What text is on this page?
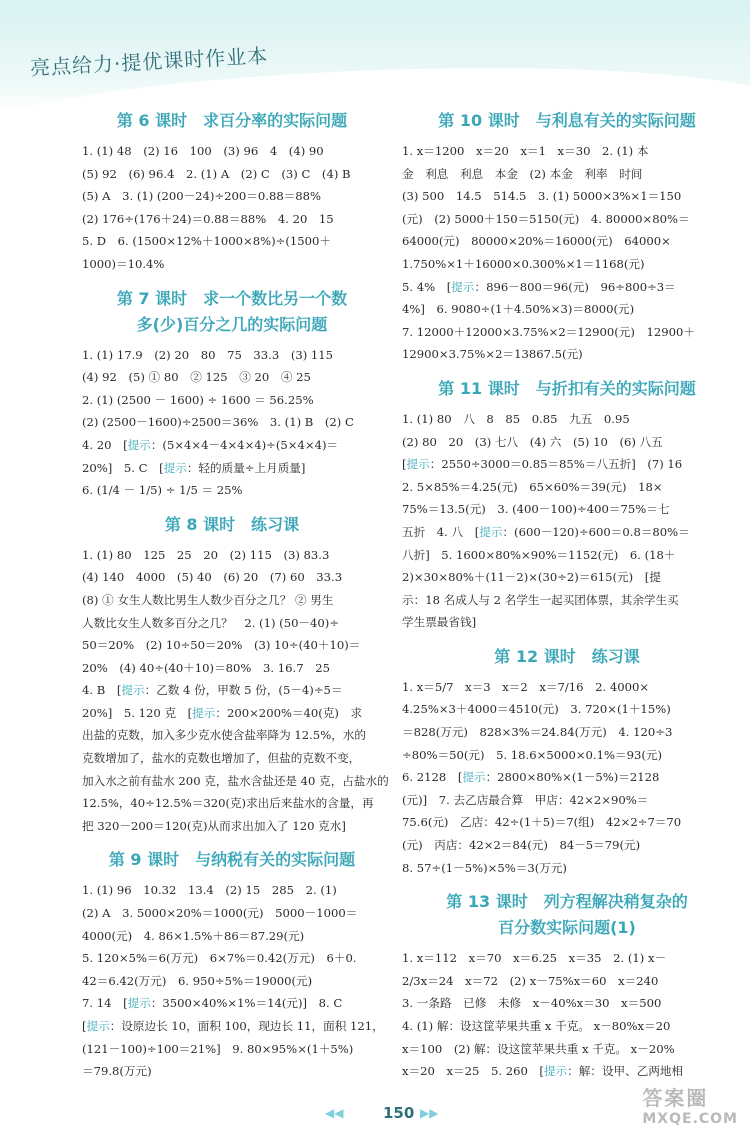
亮点给力·提优课时作业本
第 6 课时　求百分率的实际问题

1. (1) 48　(2) 16　100　(3) 96　4　(4) 90

(5) 92　(6) 96.4　2. (1) A　(2) C　(3) C　(4) B

(5) A　3. (1) (200－24)÷200＝0.88＝88%

(2) 176÷(176＋24)＝0.88＝88%　4. 20　15

5. D　6. (1500×12%＋1000×8%)÷(1500＋

1000)＝10.4%

第 7 课时　求一个数比另一个数
多(少)百分之几的实际问题

1. (1) 17.9　(2) 20　80　75　33.3　(3) 115

(4) 92　(5) ① 80　② 125　③ 20　④ 25

2. (1) (2500 － 1600) ÷ 1600 ＝ 56.25%

(2) (2500－1600)÷2500＝36%　3. (1) B　(2) C

4. 20　[提示：(5×4×4－4×4×4)÷(5×4×4)＝

20%]　5. C　[提示：轻的质量÷上月质量]

6. (1/4 － 1/5) ÷ 1/5 ＝ 25%

第 8 课时　练习课

1. (1) 80　125　25　20　(2) 115　(3) 83.3

(4) 140　4000　(5) 40　(6) 20　(7) 60　33.3

(8) ① 女生人数比男生人数少百分之几？ ② 男生

人数比女生人数多百分之几？　2. (1) (50－40)÷

50＝20%　(2) 10÷50＝20%　(3) 10÷(40＋10)＝

20%　(4) 40÷(40＋10)＝80%　3. 16.7　25

4. B　[提示：乙数 4 份，甲数 5 份，(5－4)÷5＝

20%]　5. 120 克　[提示：200×200%＝40(克)　求

出盐的克数，加入多少克水使含盐率降为 12.5%，水的

克数增加了，盐水的克数也增加了，但盐的克数不变，

加入水之前有盐水 200 克，盐水含盐还是 40 克，占盐水的

12.5%，40÷12.5%＝320(克)求出后来盐水的含量，再

把 320－200＝120(克)从而求出加入了 120 克水]

第 9 课时　与纳税有关的实际问题

1. (1) 96　10.32　13.4　(2) 15　285　2. (1)

(2) A　3. 5000×20%＝1000(元)　5000－1000＝

4000(元)　4. 86×1.5%＋86＝87.29(元)

5. 120×5%＝6(万元)　6×7%＝0.42(万元)　6＋0.

42＝6.42(万元)　6. 950÷5%＝19000(元)

7. 14　[提示：3500×40%×1%＝14(元)]　8. C

[提示：设原边长 10，面积 100，现边长 11，面积 121，

(121－100)÷100＝21%]　9. 80×95%×(1＋5%)

＝79.8(万元)

第 10 课时　与利息有关的实际问题

1. x＝1200　x＝20　x＝1　x＝30　2. (1) 本

金　利息　利息　本金　(2) 本金　利率　时间

(3) 500　14.5　514.5　3. (1) 5000×3%×1＝150

(元)　(2) 5000＋150＝5150(元)　4. 80000×80%＝

64000(元)　80000×20%＝16000(元)　64000×

1.750%×1＋16000×0.300%×1＝1168(元)

5. 4%　[提示：896－800＝96(元)　96÷800÷3＝

4%]　6. 9080÷(1＋4.50%×3)＝8000(元)

7. 12000＋12000×3.75%×2＝12900(元)　12900＋

12900×3.75%×2＝13867.5(元)

第 11 课时　与折扣有关的实际问题

1. (1) 80　八　8　85　0.85　九五　0.95

(2) 80　20　(3) 七八　(4) 六　(5) 10　(6) 八五

[提示：2550÷3000＝0.85＝85%＝八五折]　(7) 16

2. 5×85%＝4.25(元)　65×60%＝39(元)　18×

75%＝13.5(元)　3. (400－100)÷400＝75%＝七

五折　4. 八　[提示：(600－120)÷600＝0.8＝80%＝

八折]　5. 1600×80%×90%＝1152(元)　6. (18＋

2)×30×80%＋(11－2)×(30÷2)＝615(元)　[提

示：18 名成人与 2 名学生一起买团体票，其余学生买

学生票最省钱]

第 12 课时　练习课

1. x＝5/7　x＝3　x＝2　x＝7/16　2. 4000×

4.25%×3＋4000＝4510(元)　3. 720×(1＋15%)

＝828(万元)　828×3%＝24.84(万元)　4. 120÷3

÷80%＝50(元)　5. 18.6×5000×0.1%＝93(元)

6. 2128　[提示：2800×80%×(1－5%)＝2128

(元)]　7. 去乙店最合算　甲店：42×2×90%＝

75.6(元)　乙店：42÷(1＋5)＝7(组)　42×2÷7＝70

(元)　丙店：42×2＝84(元)　84－5＝79(元)

8. 57÷(1－5%)×5%＝3(万元)

第 13 课时　列方程解决稍复杂的
百分数实际问题(1)

1. x＝112　x＝70　x＝6.25　x＝35　2. (1) x－

2/3x＝24　x＝72　(2) x－75%x＝60　x＝240

3. 一条路　已修　未修　x－40%x＝30　x＝500

4. (1) 解：设这筐苹果共重 x 千克。 x－80%x＝20

x＝100　(2) 解：设这筐苹果共重 x 千克。 x－20%

x＝20　x＝25　5. 260　[提示：解：设甲、乙两地相

◀◀	150 ▶▶
答案圈
MXQE.COM
